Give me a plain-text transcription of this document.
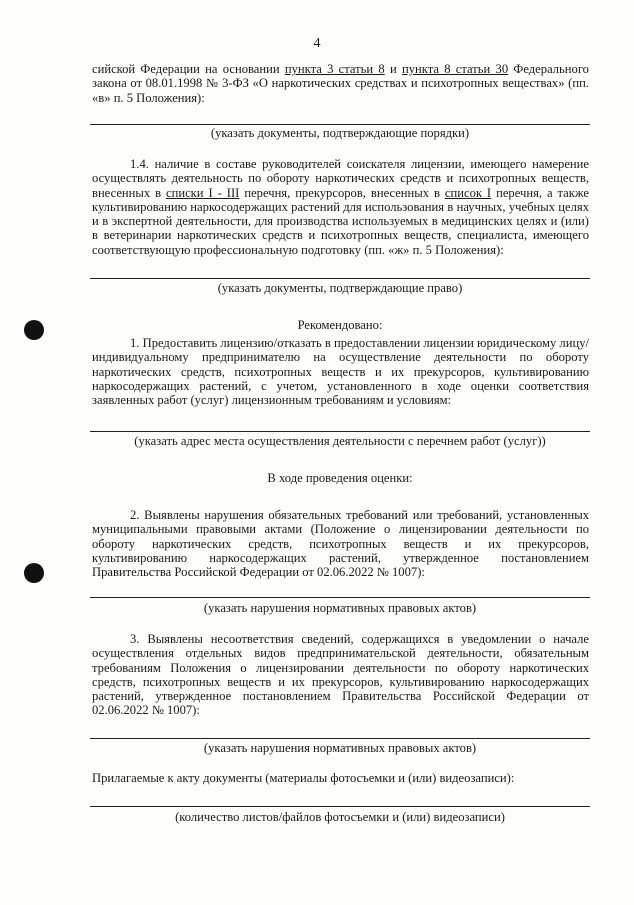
4

сийской Федерации на основании пункта 3 статьи 8 и пункта 8 статьи 30 Федерального закона от 08.01.1998 № 3-ФЗ «О наркотических средствах и психотропных веществах» (пп. «в» п. 5 Положения):

(указать документы, подтверждающие порядки)

1.4. наличие в составе руководителей соискателя лицензии, имеющего намерение осуществлять деятельность по обороту наркотических средств и психотропных веществ, внесенных в списки I - III перечня, прекурсоров, внесенных в список I перечня, а также культивированию наркосодержащих растений для использования в научных, учебных целях и в экспертной деятельности, для производства используемых в медицинских целях и (или) в ветеринарии наркотических средств и психотропных веществ, специалиста, имеющего соответствующую профессиональную подготовку (пп. «ж» п. 5 Положения):

(указать документы, подтверждающие право)
Рекомендовано:

1. Предоставить лицензию/отказать в предоставлении лицензии юридическому лицу/индивидуальному предпринимателю на осуществление деятельности по обороту наркотических средств, психотропных веществ и их прекурсоров, культивированию наркосодержащих растений, с учетом, установленного в ходе оценки соответствия заявленных работ (услуг) лицензионным требованиям и условиям:

(указать адрес места осуществления деятельности с перечнем работ (услуг))
В ходе проведения оценки:

2. Выявлены нарушения обязательных требований или требований, установленных муниципальными правовыми актами (Положение о лицензировании деятельности по обороту наркотических средств, психотропных веществ и их прекурсоров, культивированию наркосодержащих растений, утвержденное постановлением Правительства Российской Федерации от 02.06.2022 № 1007):

(указать нарушения нормативных правовых актов)

3. Выявлены несоответствия сведений, содержащихся в уведомлении о начале осуществления отдельных видов предпринимательской деятельности, обязательным требованиям Положения о лицензировании деятельности по обороту наркотических средств, психотропных веществ и их прекурсоров, культивированию наркосодержащих растений, утвержденное постановлением Правительства Российской Федерации от 02.06.2022 № 1007):

(указать нарушения нормативных правовых актов)

Прилагаемые к акту документы (материалы фотосъемки и (или) видеозаписи):

(количество листов/файлов фотосъемки и (или) видеозаписи)
